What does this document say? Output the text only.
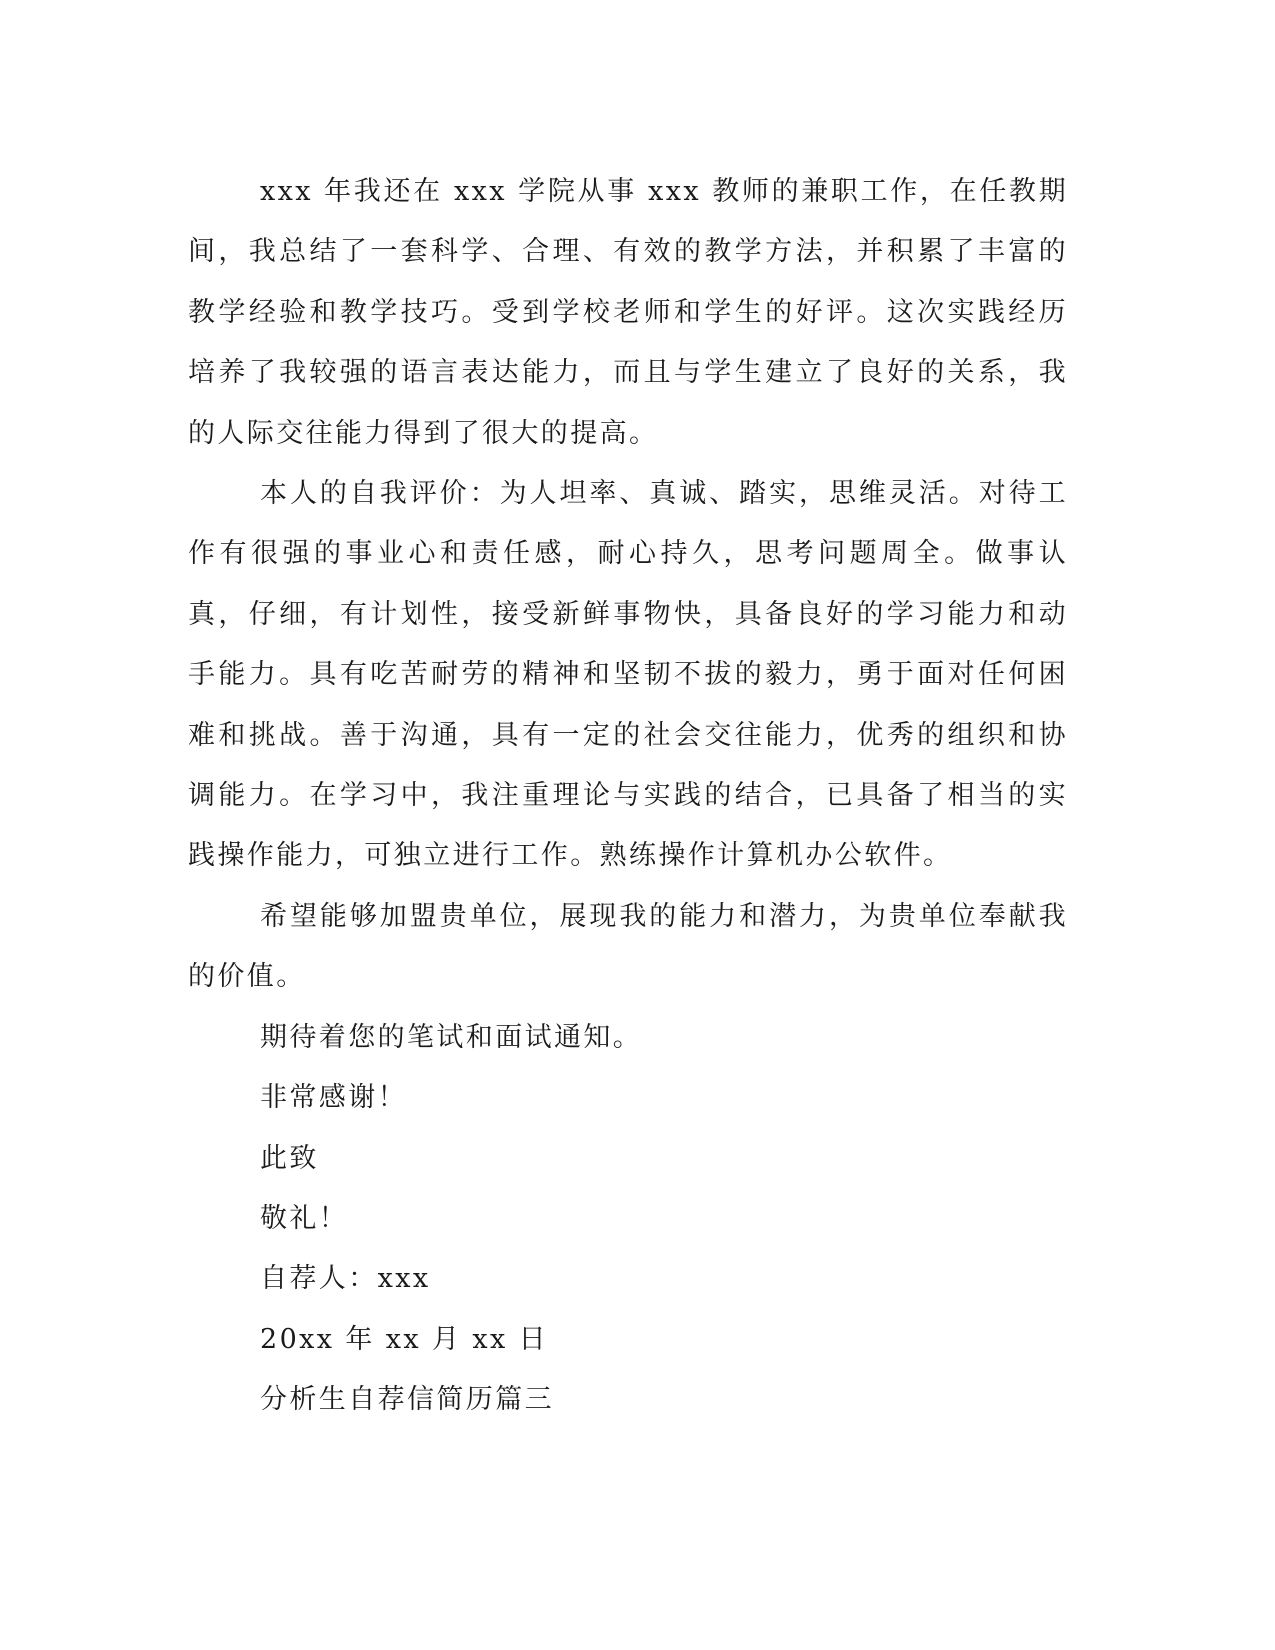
xxx 年我还在 xxx 学院从事 xxx 教师的兼职工作，在任教期间，我总结了一套科学、合理、有效的教学方法，并积累了丰富的教学经验和教学技巧。受到学校老师和学生的好评。这次实践经历培养了我较强的语言表达能力，而且与学生建立了良好的关系，我的人际交往能力得到了很大的提高。

本人的自我评价：为人坦率、真诚、踏实，思维灵活。对待工作有很强的事业心和责任感，耐心持久，思考问题周全。做事认真，仔细，有计划性，接受新鲜事物快，具备良好的学习能力和动手能力。具有吃苦耐劳的精神和坚韧不拔的毅力，勇于面对任何困难和挑战。善于沟通，具有一定的社会交往能力，优秀的组织和协调能力。在学习中，我注重理论与实践的结合，已具备了相当的实践操作能力，可独立进行工作。熟练操作计算机办公软件。

希望能够加盟贵单位，展现我的能力和潜力，为贵单位奉献我的价值。

期待着您的笔试和面试通知。

非常感谢！

此致

敬礼！

自荐人：xxx

20xx 年 xx 月 xx 日

分析生自荐信简历篇三
